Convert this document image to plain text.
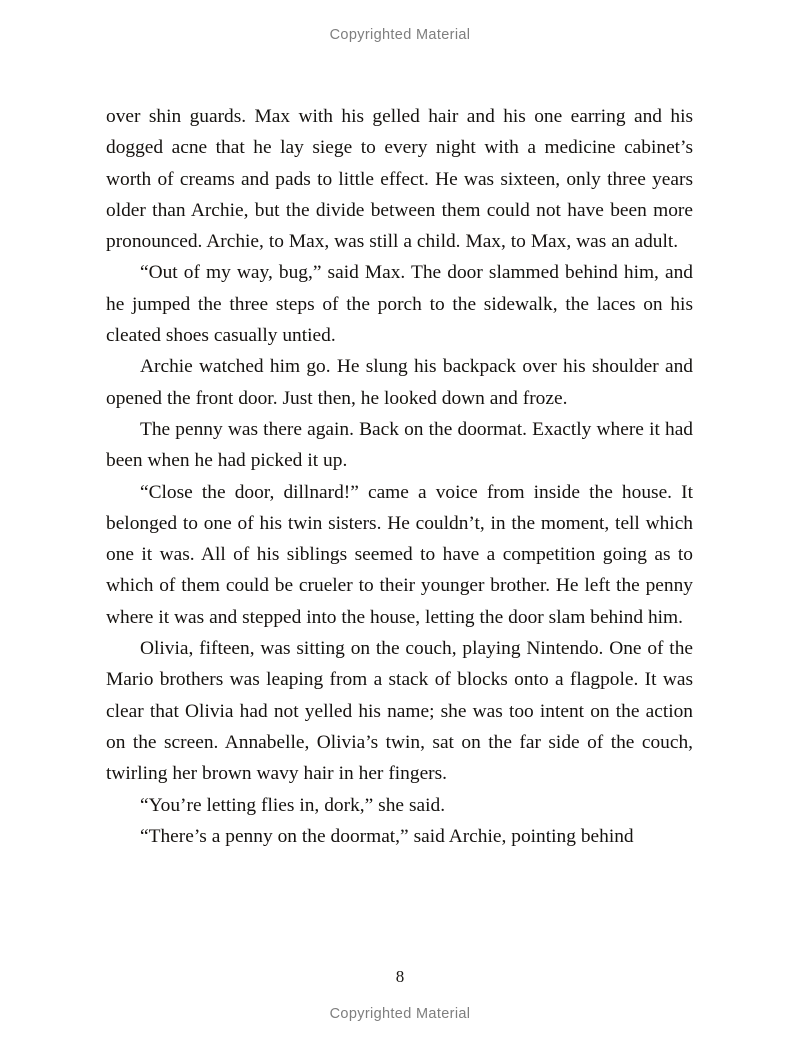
Copyrighted Material

over shin guards. Max with his gelled hair and his one earring and his dogged acne that he lay siege to every night with a medicine cabinet’s worth of creams and pads to little effect. He was sixteen, only three years older than Archie, but the divide between them could not have been more pronounced. Archie, to Max, was still a child. Max, to Max, was an adult.

“Out of my way, bug,” said Max. The door slammed behind him, and he jumped the three steps of the porch to the sidewalk, the laces on his cleated shoes casually untied.

Archie watched him go. He slung his backpack over his shoulder and opened the front door. Just then, he looked down and froze.

The penny was there again. Back on the doormat. Exactly where it had been when he had picked it up.

“Close the door, dillnard!” came a voice from inside the house. It belonged to one of his twin sisters. He couldn’t, in the moment, tell which one it was. All of his siblings seemed to have a competition going as to which of them could be crueler to their younger brother. He left the penny where it was and stepped into the house, letting the door slam behind him.

Olivia, fifteen, was sitting on the couch, playing Nintendo. One of the Mario brothers was leaping from a stack of blocks onto a flagpole. It was clear that Olivia had not yelled his name; she was too intent on the action on the screen. Annabelle, Olivia’s twin, sat on the far side of the couch, twirling her brown wavy hair in her fingers.

“You’re letting flies in, dork,” she said.

“There’s a penny on the doormat,” said Archie, pointing behind

8
Copyrighted Material
